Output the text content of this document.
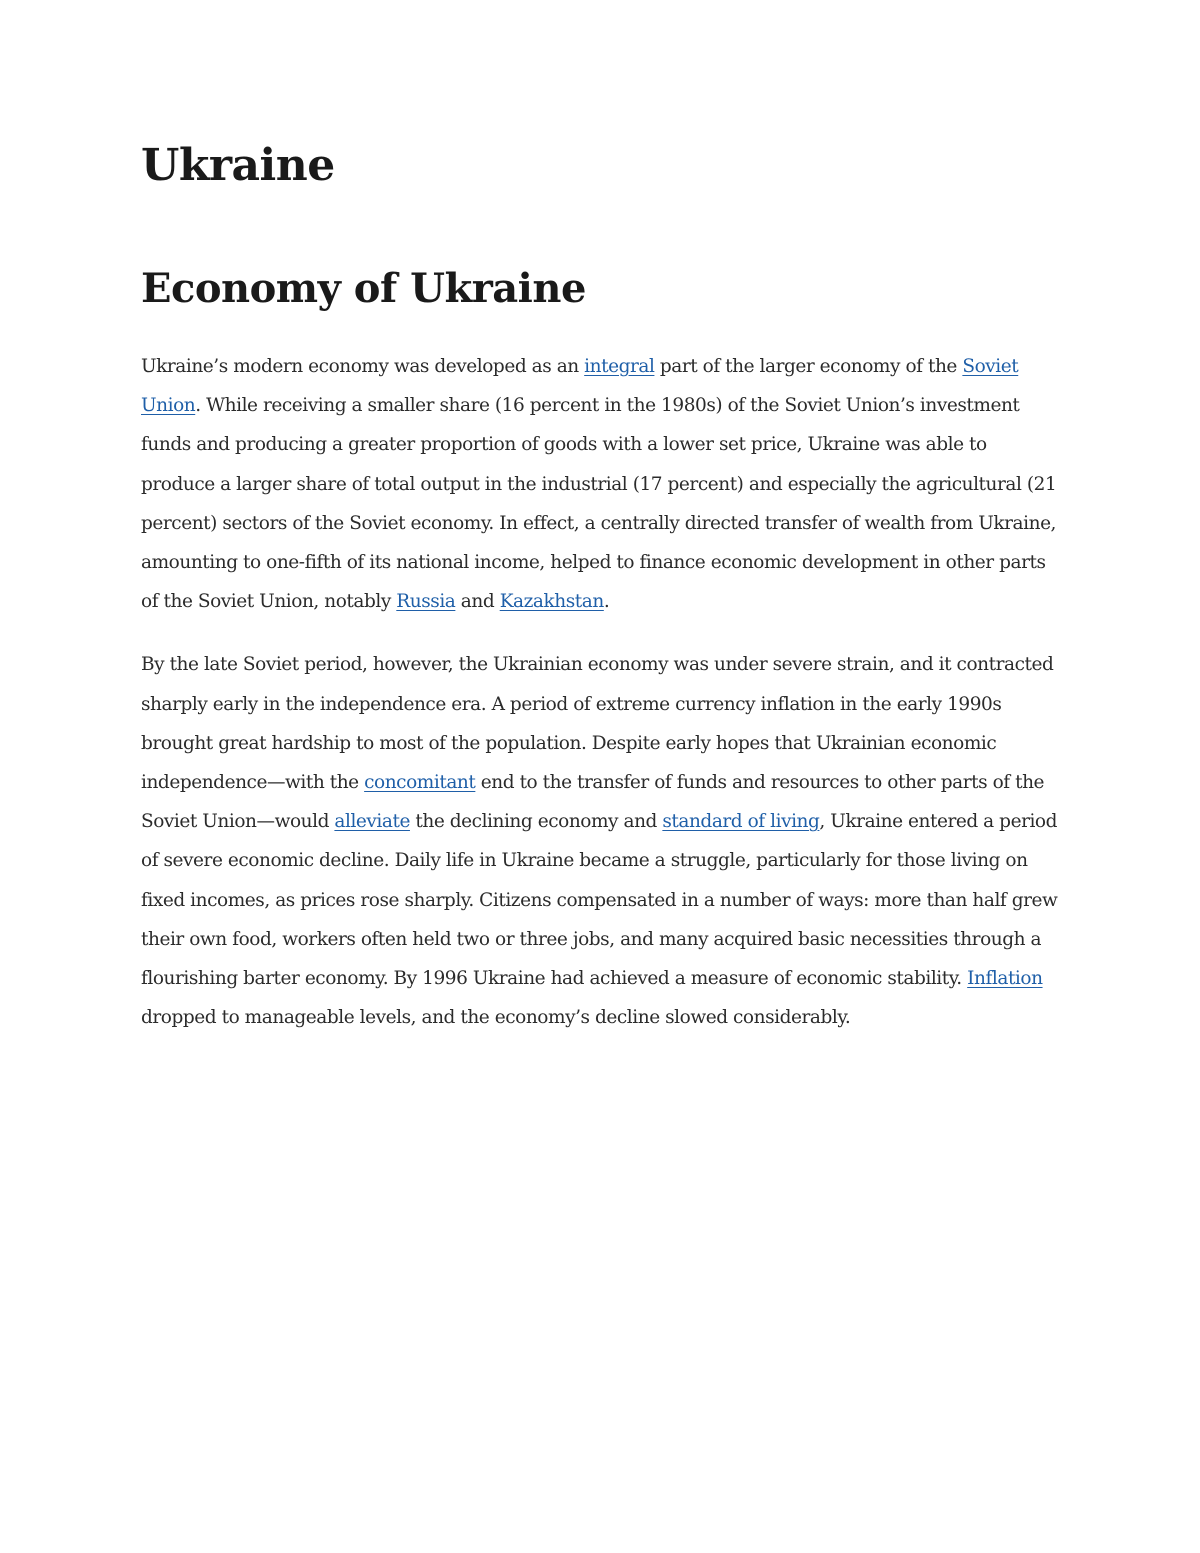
Ukraine
Economy of Ukraine

Ukraine’s modern economy was developed as an integral part of the larger economy of the Soviet Union. While receiving a smaller share (16 percent in the 1980s) of the Soviet Union’s investment funds and producing a greater proportion of goods with a lower set price, Ukraine was able to produce a larger share of total output in the industrial (17 percent) and especially the agricultural (21 percent) sectors of the Soviet economy. In effect, a centrally directed transfer of wealth from Ukraine, amounting to one-fifth of its national income, helped to finance economic development in other parts of the Soviet Union, notably Russia and Kazakhstan.

By the late Soviet period, however, the Ukrainian economy was under severe strain, and it contracted sharply early in the independence era. A period of extreme currency inflation in the early 1990s brought great hardship to most of the population. Despite early hopes that Ukrainian economic independence—with the concomitant end to the transfer of funds and resources to other parts of the Soviet Union—would alleviate the declining economy and standard of living, Ukraine entered a period of severe economic decline. Daily life in Ukraine became a struggle, particularly for those living on fixed incomes, as prices rose sharply. Citizens compensated in a number of ways: more than half grew their own food, workers often held two or three jobs, and many acquired basic necessities through a flourishing barter economy. By 1996 Ukraine had achieved a measure of economic stability. Inflation dropped to manageable levels, and the economy’s decline slowed considerably.
